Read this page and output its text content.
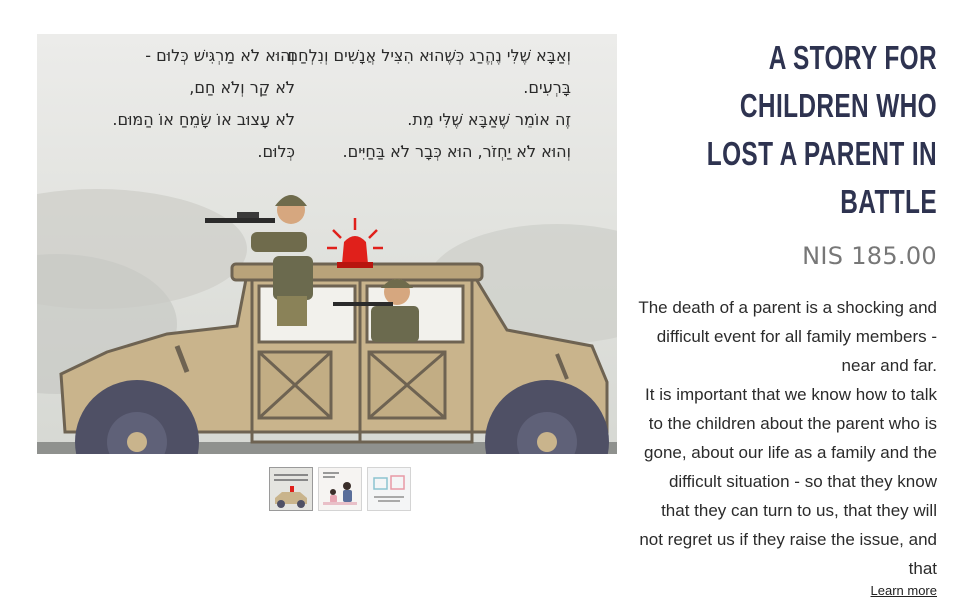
וְאַבָּא שֶׁלִּי נֶהֱרַג כְּשֶׁהוּא הִצִּיל אֲנָשִׁים וְנִלְחַם
בָּרְעִים.
זֶה אוֹמֵר שֶׁאַבָּא שֶׁלִּי מֵת.
וְהוּא לֹא יַחְזֹר, הוּא כְּבָר לֹא בַּחַיִּים.
וְהוּא לֹא מַרְגִּישׁ כְּלוּם -
לֹא קַר וְלֹא חַם,
לֹא עָצוּב אוֹ שָׂמֵחַ אוֹ הַמּוּם.
כְּלוּם.
A STORY FOR CHILDREN WHO
LOST A PARENT IN BATTLE
NIS 185.00

The death of a parent is a shocking and difficult event for all family members - near and far.

It is important that we know how to talk to the children about the parent who is gone, about our life as a family and the difficult situation - so that they know that they can turn to us, that they will not regret us if they raise the issue, and that

Learn more
